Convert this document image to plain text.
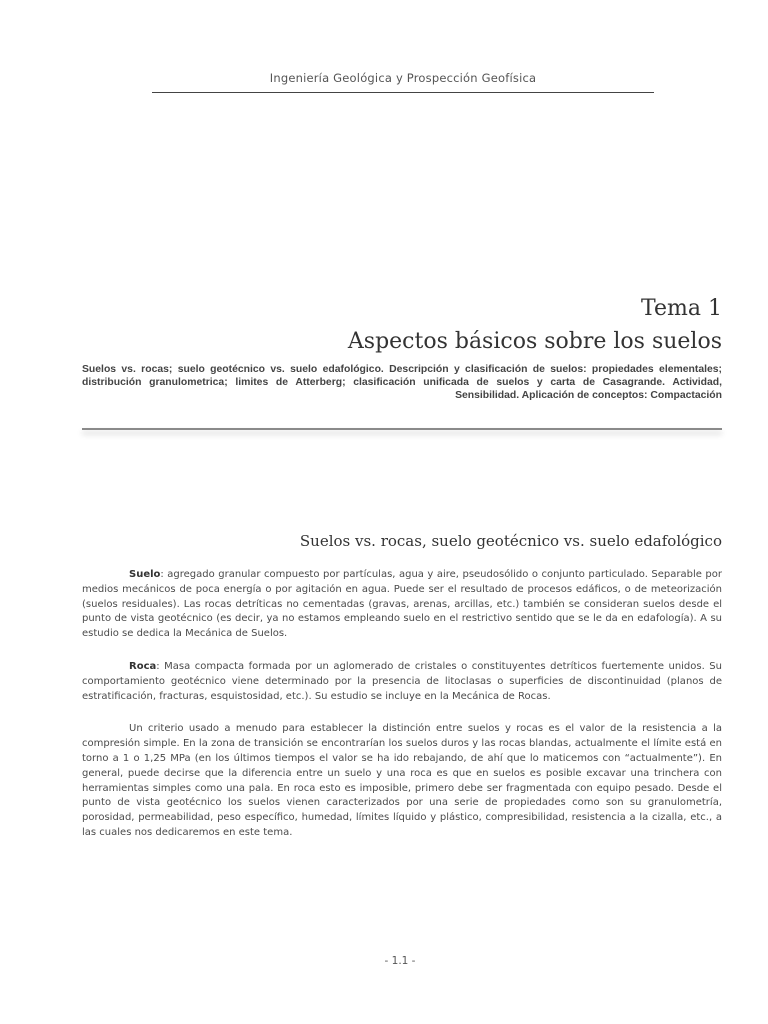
Ingeniería Geológica y Prospección Geofísica
Tema 1
Aspectos básicos sobre los suelos
Suelos vs. rocas; suelo geotécnico vs. suelo edafológico. Descripción y clasificación de suelos: propiedades elementales; distribución granulometrica; limites de Atterberg; clasificación unificada de suelos y carta de Casagrande. Actividad, Sensibilidad. Aplicación de conceptos: Compactación
Suelos vs. rocas, suelo geotécnico vs. suelo edafológico

Suelo: agregado granular compuesto por partículas, agua y aire, pseudosólido o conjunto particulado. Separable por medios mecánicos de poca energía o por agitación en agua. Puede ser el resultado de procesos edáficos, o de meteorización (suelos residuales). Las rocas detríticas no cementadas (gravas, arenas, arcillas, etc.) también se consideran suelos desde el punto de vista geotécnico (es decir, ya no estamos empleando suelo en el restrictivo sentido que se le da en edafología). A su estudio se dedica la Mecánica de Suelos.

Roca: Masa compacta formada por un aglomerado de cristales o constituyentes detríticos fuertemente unidos. Su comportamiento geotécnico viene determinado por la presencia de litoclasas o superficies de discontinuidad (planos de estratificación, fracturas, esquistosidad, etc.). Su estudio se incluye en la Mecánica de Rocas.

Un criterio usado a menudo para establecer la distinción entre suelos y rocas es el valor de la resistencia a la compresión simple. En la zona de transición se encontrarían los suelos duros y las rocas blandas, actualmente el límite está en torno a 1 o 1,25 MPa (en los últimos tiempos el valor se ha ido rebajando, de ahí que lo maticemos con “actualmente”). En general, puede decirse que la diferencia entre un suelo y una roca es que en suelos es posible excavar una trinchera con herramientas simples como una pala. En roca esto es imposible, primero debe ser fragmentada con equipo pesado. Desde el punto de vista geotécnico los suelos vienen caracterizados por una serie de propiedades como son su granulometría, porosidad, permeabilidad, peso específico, humedad, límites líquido y plástico, compresibilidad, resistencia a la cizalla, etc., a las cuales nos dedicaremos en este tema.

- 1.1 -
